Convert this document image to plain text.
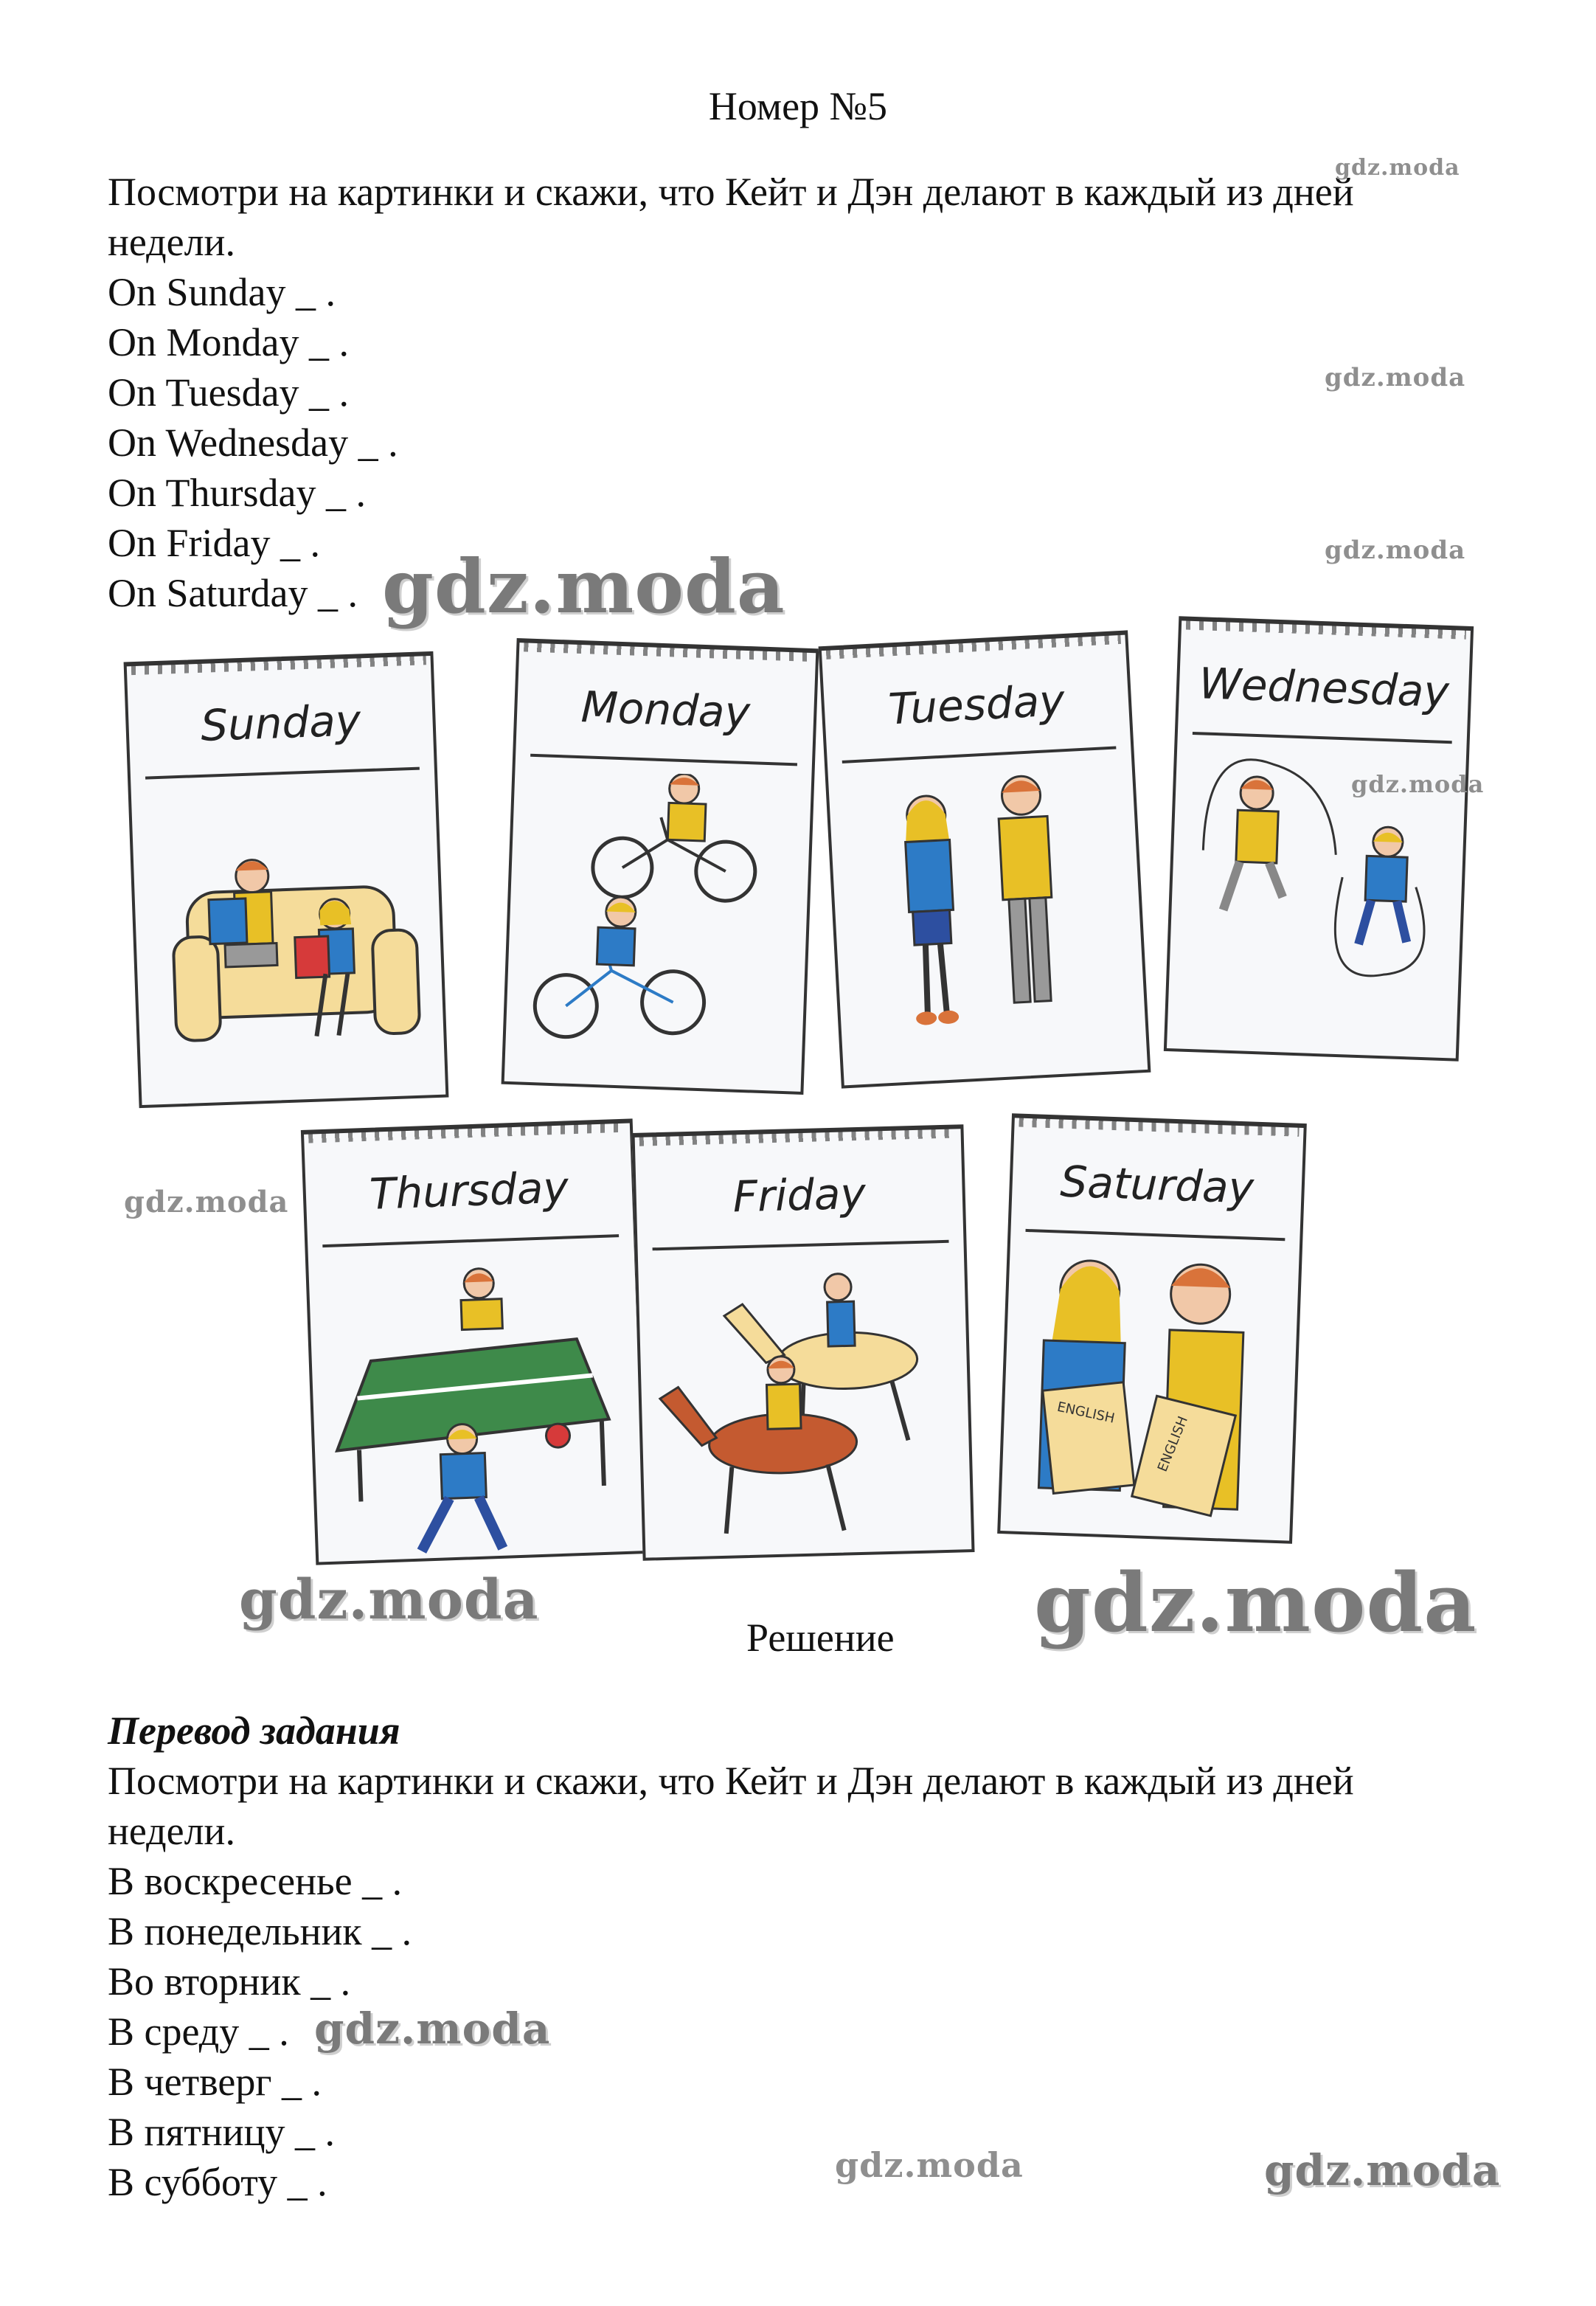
Номер №5
Посмотри на картинки и скажи, что Кейт и Дэн делают в каждый из дней
недели.
On Sunday _ .
On Monday _ .
On Tuesday _ .
On Wednesday _ .
On Thursday _ .
On Friday _ .
On Saturday _ .
Sunday	Monday	Tuesday	Wednesday
Thursday	Friday	Saturday
ENGLISH
ENGLISH
Решение
Перевод задания
Посмотри на картинки и скажи, что Кейт и Дэн делают в каждый из дней
недели.
В воскресенье _ .
В понедельник _ .
Во вторник _ .
В среду _ .
В четверг _ .
В пятницу _ .
В субботу _ .
gdz.moda
gdz.moda
gdz.moda
gdz.moda
gdz.moda
gdz.moda
gdz.moda	gdz.moda
gdz.moda
gdz.moda	gdz.moda
